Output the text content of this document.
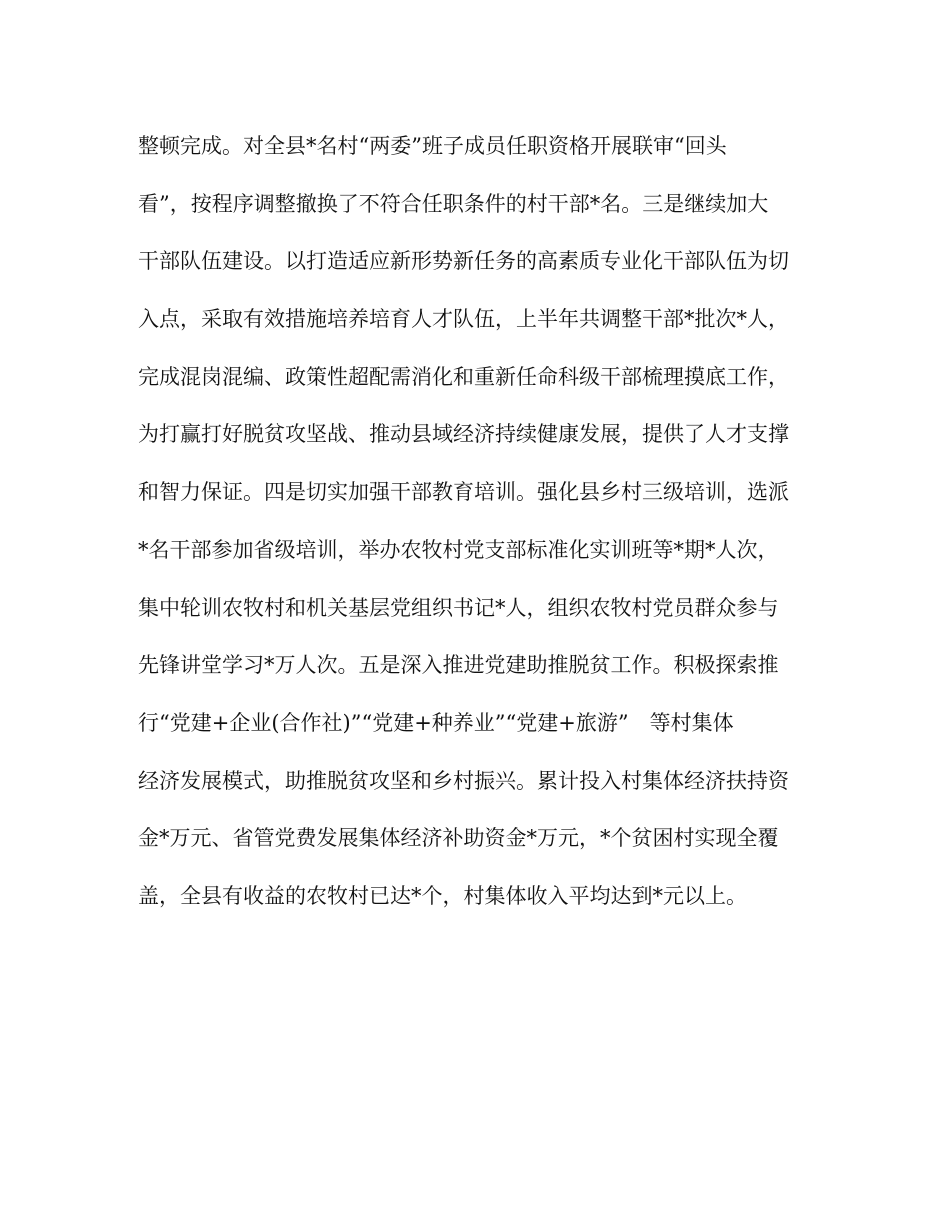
整顿完成。对全县*名村“两委”班子成员任职资格开展联审“回头
看”，按程序调整撤换了不符合任职条件的村干部*名。三是继续加大
干部队伍建设。以打造适应新形势新任务的高素质专业化干部队伍为切
入点，采取有效措施培养培育人才队伍，上半年共调整干部*批次*人，
完成混岗混编、政策性超配需消化和重新任命科级干部梳理摸底工作，
为打赢打好脱贫攻坚战、推动县域经济持续健康发展，提供了人才支撑
和智力保证。四是切实加强干部教育培训。强化县乡村三级培训，选派
*名干部参加省级培训，举办农牧村党支部标准化实训班等*期*人次，
集中轮训农牧村和机关基层党组织书记*人，组织农牧村党员群众参与
先锋讲堂学习*万人次。五是深入推进党建助推脱贫工作。积极探索推
行“党建+企业(合作社)”“党建+种养业”“党建+旅游”　等村集体
经济发展模式，助推脱贫攻坚和乡村振兴。累计投入村集体经济扶持资
金*万元、省管党费发展集体经济补助资金*万元，*个贫困村实现全覆
盖，全县有收益的农牧村已达*个，村集体收入平均达到*元以上。
